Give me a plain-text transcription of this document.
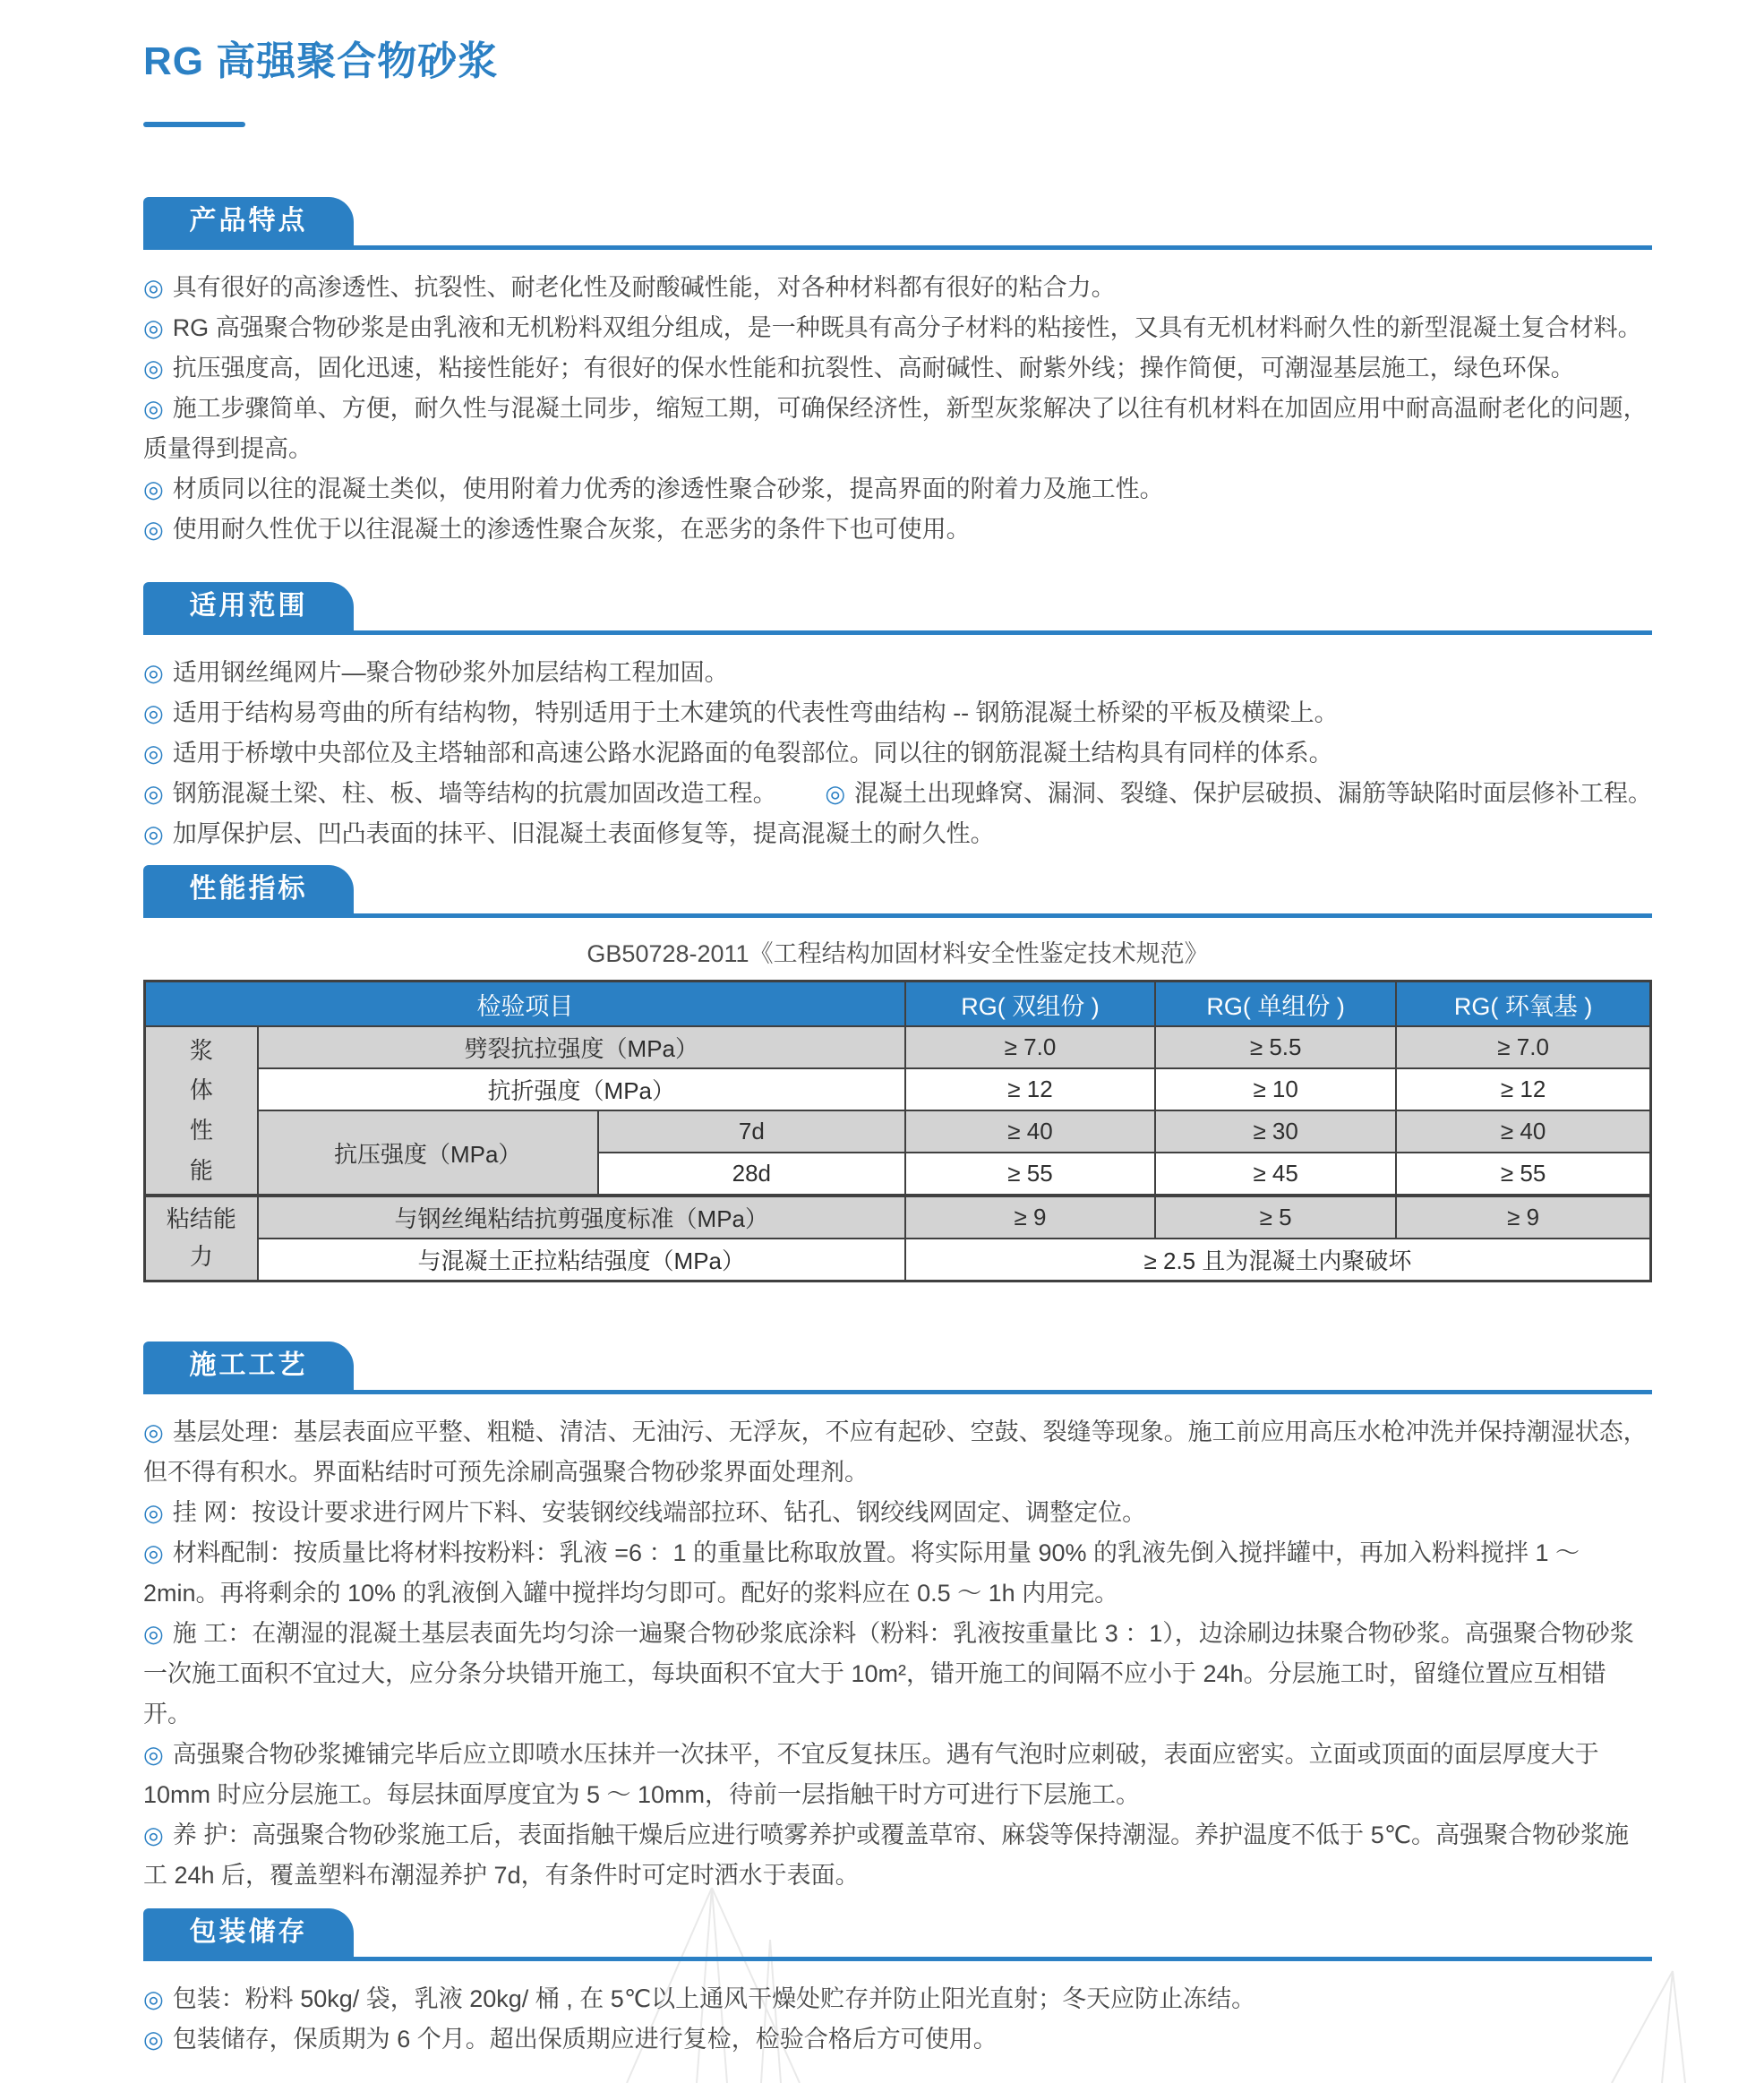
RG 高强聚合物砂浆
产品特点

◎ 具有很好的高渗透性、抗裂性、耐老化性及耐酸碱性能，对各种材料都有很好的粘合力。

◎ RG 高强聚合物砂浆是由乳液和无机粉料双组分组成，是一种既具有高分子材料的粘接性，又具有无机材料耐久性的新型混凝土复合材料。

◎ 抗压强度高，固化迅速，粘接性能好；有很好的保水性能和抗裂性、高耐碱性、耐紫外线；操作简便，可潮湿基层施工，绿色环保。

◎ 施工步骤简单、方便，耐久性与混凝土同步，缩短工期，可确保经济性，新型灰浆解决了以往有机材料在加固应用中耐高温耐老化的问题，质量得到提高。

◎ 材质同以往的混凝土类似，使用附着力优秀的渗透性聚合砂浆，提高界面的附着力及施工性。

◎ 使用耐久性优于以往混凝土的渗透性聚合灰浆，在恶劣的条件下也可使用。

适用范围

◎ 适用钢丝绳网片—聚合物砂浆外加层结构工程加固。

◎ 适用于结构易弯曲的所有结构物，特别适用于土木建筑的代表性弯曲结构 -- 钢筋混凝土桥梁的平板及横梁上。

◎ 适用于桥墩中央部位及主塔轴部和高速公路水泥路面的龟裂部位。同以往的钢筋混凝土结构具有同样的体系。

◎ 钢筋混凝土梁、柱、板、墙等结构的抗震加固改造工程。 ◎ 混凝土出现蜂窝、漏洞、裂缝、保护层破损、漏筋等缺陷时面层修补工程。

◎ 加厚保护层、凹凸表面的抹平、旧混凝土表面修复等，提高混凝土的耐久性。

性能指标
GB50728-2011《工程结构加固材料安全性鉴定技术规范》
检验项目			RG( 双组份 )	RG( 单组份 )	RG( 环氧基 )
浆体性能	劈裂抗拉强度（MPa）		≥ 7.0	≥ 5.5	≥ 7.0
	抗折强度（MPa）		≥ 12	≥ 10	≥ 12
	抗压强度（MPa）	7d	≥ 40	≥ 30	≥ 40
		28d	≥ 55	≥ 45	≥ 55
粘结能力	与钢丝绳粘结抗剪强度标准（MPa）		≥ 9	≥ 5	≥ 9
	与混凝土正拉粘结强度（MPa）		≥ 2.5 且为混凝土内聚破坏		
施工工艺

◎ 基层处理：基层表面应平整、粗糙、清洁、无油污、无浮灰，不应有起砂、空鼓、裂缝等现象。施工前应用高压水枪冲洗并保持潮湿状态，但不得有积水。界面粘结时可预先涂刷高强聚合物砂浆界面处理剂。

◎ 挂 网：按设计要求进行网片下料、安装钢绞线端部拉环、钻孔、钢绞线网固定、调整定位。

◎ 材料配制：按质量比将材料按粉料：乳液 =6 ：1 的重量比称取放置。将实际用量 90% 的乳液先倒入搅拌罐中，再加入粉料搅拌 1 ～ 2min。再将剩余的 10% 的乳液倒入罐中搅拌均匀即可。配好的浆料应在 0.5 ～ 1h 内用完。

◎ 施 工：在潮湿的混凝土基层表面先均匀涂一遍聚合物砂浆底涂料（粉料：乳液按重量比 3 ：1），边涂刷边抹聚合物砂浆。高强聚合物砂浆一次施工面积不宜过大，应分条分块错开施工，每块面积不宜大于 10m²，错开施工的间隔不应小于 24h。分层施工时，留缝位置应互相错开。

◎ 高强聚合物砂浆摊铺完毕后应立即喷水压抹并一次抹平，不宜反复抹压。遇有气泡时应刺破，表面应密实。立面或顶面的面层厚度大于 10mm 时应分层施工。每层抹面厚度宜为 5 ～ 10mm，待前一层指触干时方可进行下层施工。

◎ 养 护：高强聚合物砂浆施工后，表面指触干燥后应进行喷雾养护或覆盖草帘、麻袋等保持潮湿。养护温度不低于 5℃。高强聚合物砂浆施工 24h 后，覆盖塑料布潮湿养护 7d，有条件时可定时洒水于表面。

包装储存

◎ 包装：粉料 50kg/ 袋，乳液 20kg/ 桶 , 在 5℃以上通风干燥处贮存并防止阳光直射；冬天应防止冻结。

◎ 包装储存，保质期为 6 个月。超出保质期应进行复检，检验合格后方可使用。
